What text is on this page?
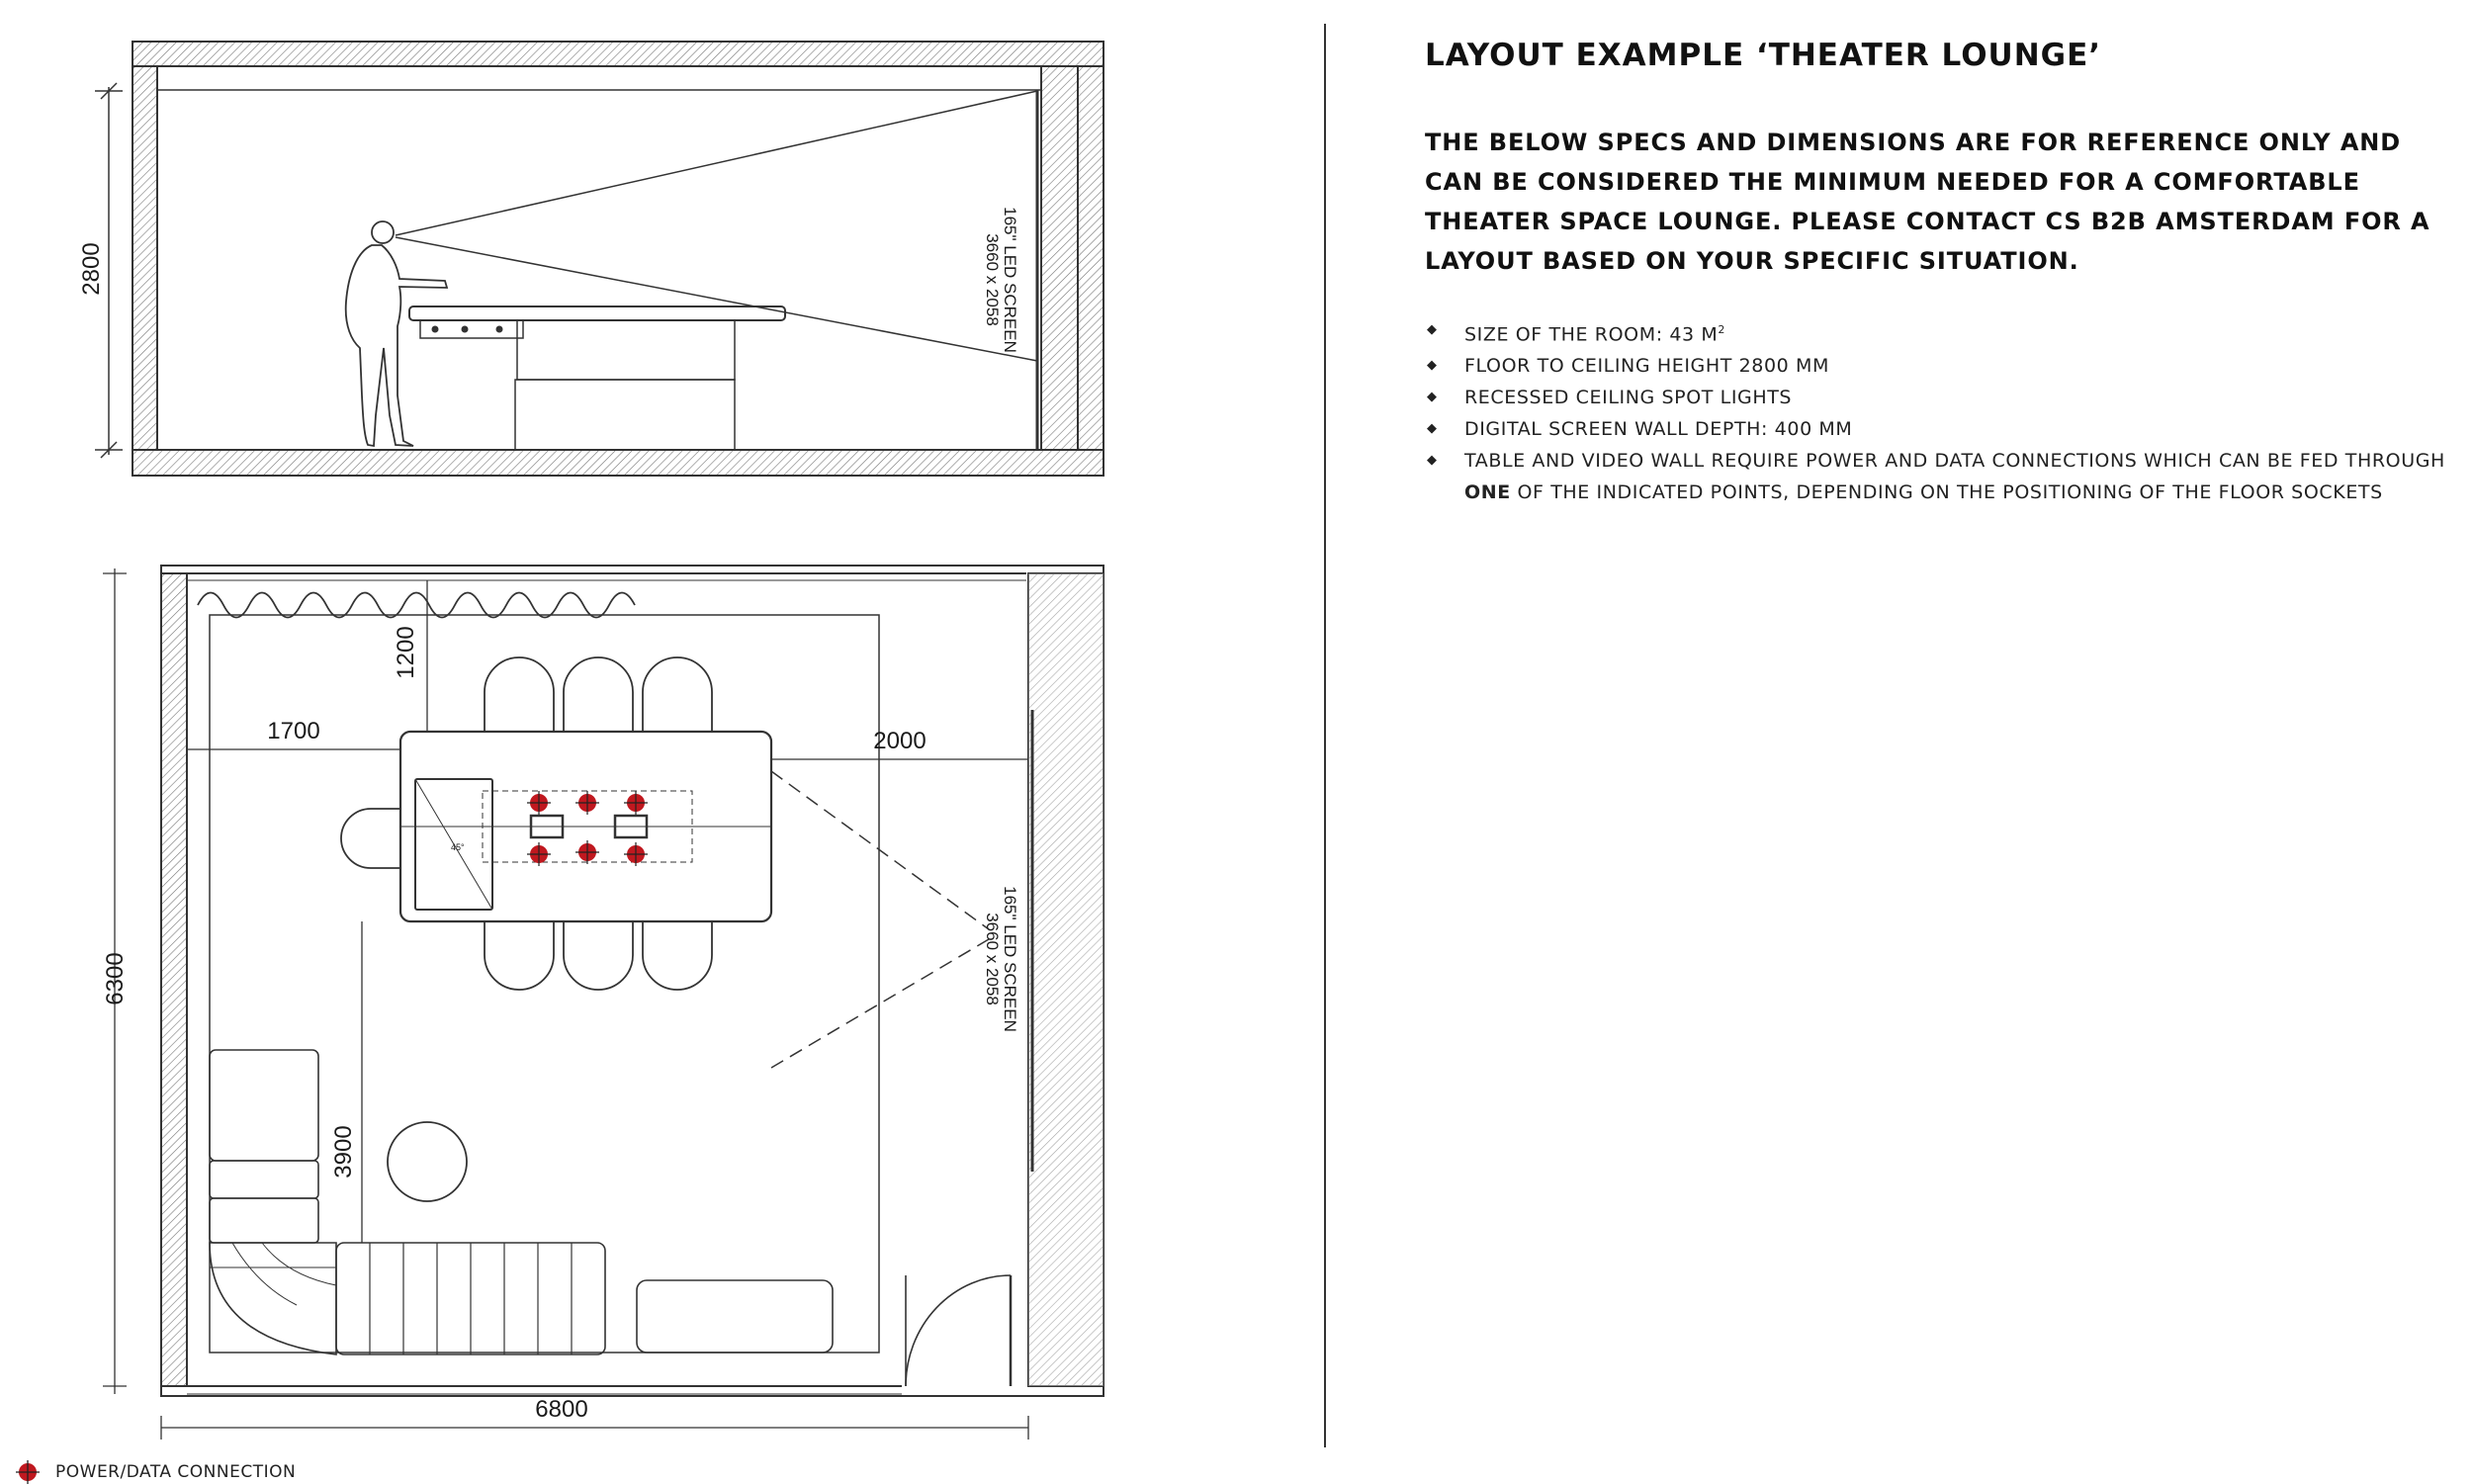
2800	165" LED SCREEN
3660 x 2058
6800
6300
1700	2000
1200
3900
45°
165" LED SCREEN
3660 x 2058
LAYOUT EXAMPLE ‘THEATER LOUNGE’

THE BELOW SPECS AND DIMENSIONS ARE FOR REFERENCE ONLY AND CAN BE CONSIDERED THE MINIMUM NEEDED FOR A COMFORTABLE THEATER SPACE LOUNGE. PLEASE CONTACT CS B2B AMSTERDAM FOR A LAYOUT BASED ON YOUR SPECIFIC SITUATION.

◆ SIZE OF THE ROOM: 43 $M^2$
◆ FLOOR TO CEILING HEIGHT 2800 MM
◆ RECESSED CEILING SPOT LIGHTS
◆ DIGITAL SCREEN WALL DEPTH: 400 MM
◆ TABLE AND VIDEO WALL REQUIRE POWER AND DATA CONNECTIONS WHICH CAN BE FED THROUGH ONE OF THE INDICATED POINTS, DEPENDING ON THE POSITIONING OF THE FLOOR SOCKETS
POWER/DATA CONNECTION
